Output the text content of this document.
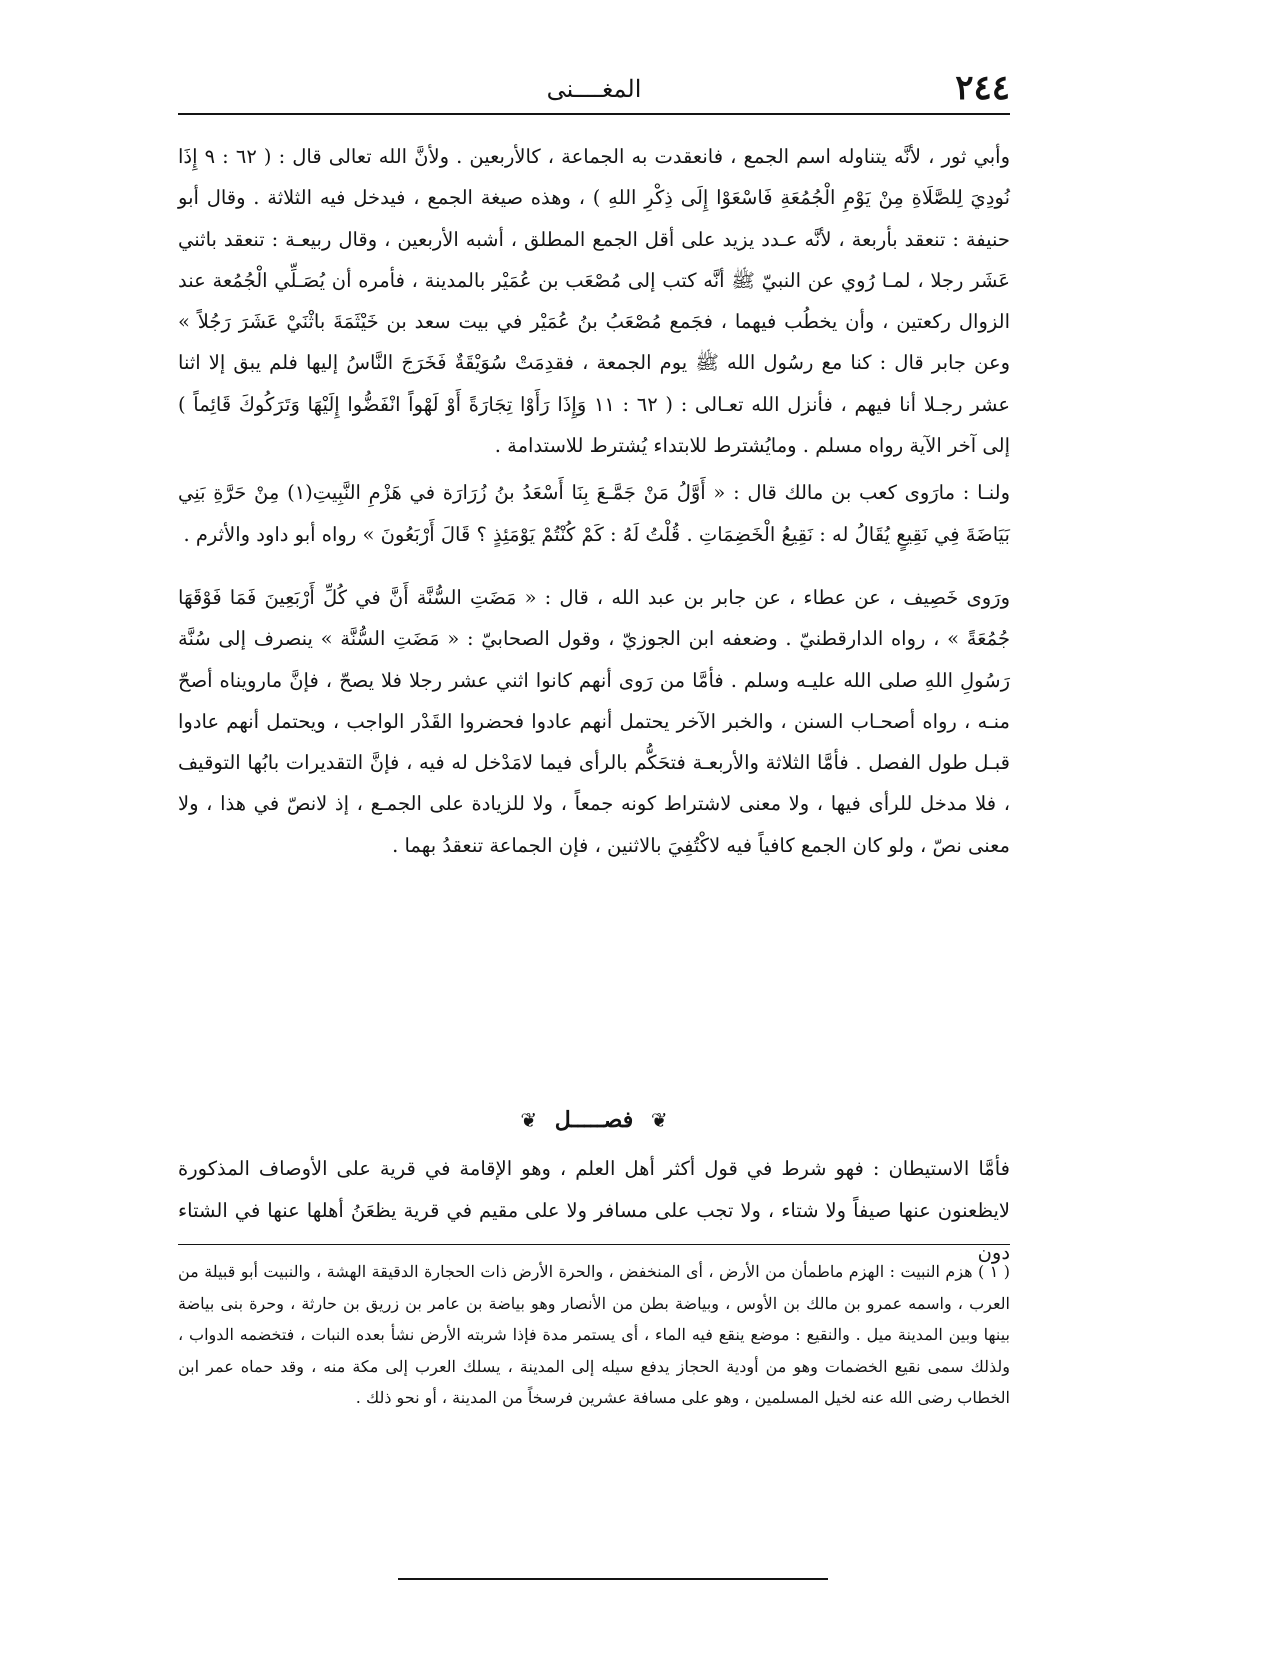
٢٤٤
المغــــنى

وأبي ثور ، لأنَّه يتناوله اسم الجمع ، فانعقدت به الجماعة ، كالأربعين . ولأنَّ الله تعالى قال : ( ٦٢ : ٩ إِذَا نُودِيَ لِلصَّلَاةِ مِنْ يَوْمِ الْجُمُعَةِ فَاسْعَوْا إِلَى ذِكْرِ اللهِ ) ، وهذه صيغة الجمع ، فيدخل فيه الثلاثة . وقال أبو حنيفة : تنعقد بأربعة ، لأنَّه عـدد يزيد على أقل الجمع المطلق ، أشبه الأربعين ، وقال ربيعـة : تنعقد باثني عَشَر رجلا ، لمـا رُوي عن النبيّ ﷺ أنَّه كتب إلى مُصْعَب بن عُمَيْر بالمدينة ، فأمره أن يُصَـلِّي الْجُمُعة عند الزوال ركعتين ، وأن يخطُب فيهما ، فجَمع مُصْعَبُ بنُ عُمَيْر في بيت سعد بن خَيْثَمَةَ باثْنَيْ عَشَرَ رَجُلاً » وعن جابر قال : كنا مع رسُول الله ﷺ يوم الجمعة ، فقدِمَتْ سُوَيْقَةٌ فَخَرَجَ النَّاسُ إليها فلم يبق إلا اثنا عشر رجـلا أنا فيهم ، فأنزل الله تعـالى : ( ٦٢ : ١١ وَإِذَا رَأَوْا تِجَارَةً أَوْ لَهْواً انْفَضُّوا إِلَيْهَا وَتَرَكُوكَ قَائِماً ) إلى آخر الآية رواه مسلم . ومايُشترط للابتداء يُشترط للاستدامة .

ولنـا : مارَوى كعب بن مالك قال : « أَوَّلُ مَنْ جَمَّـعَ بِنَا أَسْعَدُ بنُ زُرَارَة في هَزْمِ النَّبِيتِ(١) مِنْ حَرَّةِ بَنِي بَيَاضَةَ فِي نَقِيعٍ يُقَالُ له : نَقِيعُ الْخَضِمَاتِ . قُلْتُ لَهُ : كَمْ كُنْتُمْ يَوْمَئِذٍ ؟ قَالَ أَرْبَعُونَ » رواه أبو داود والأثرم .

ورَوى خَصِيف ، عن عطاء ، عن جابر بن عبد الله ، قال : « مَضَتِ السُّنَّة أَنَّ في كُلِّ أَرْبَعِينَ فَمَا فَوْقَهَا جُمُعَةً » ، رواه الدارقطنيّ . وضعفه ابن الجوزيّ ، وقول الصحابيّ : « مَضَتِ السُّنَّة » ينصرف إلى سُنَّة رَسُولِ اللهِ صلى الله عليـه وسلم . فأمَّا من رَوى أنهم كانوا اثني عشر رجلا فلا يصحّ ، فإنَّ مارويناه أصحّ منـه ، رواه أصحـاب السنن ، والخبر الآخر يحتمل أنهم عادوا فحضروا القَدْر الواجب ، ويحتمل أنهم عادوا قبـل طول الفصل . فأمَّا الثلاثة والأربعـة فتحَكُّم بالرأى فيما لامَدْخل له فيه ، فإنَّ التقديرات بابُها التوقيف ، فلا مدخل للرأى فيها ، ولا معنى لاشتراط كونه جمعاً ، ولا للزيادة على الجمـع ، إذ لانصّ في هذا ، ولا معنى نصّ ، ولو كان الجمع كافياً فيه لاكْتُفِيَ بالاثنين ، فإن الجماعة تنعقدُ بهما .

❦ فصـــــل ❦

فأمَّا الاستيطان : فهو شرط في قول أكثر أهل العلم ، وهو الإقامة في قرية على الأوصاف المذكورة لايظعنون عنها صيفاً ولا شتاء ، ولا تجب على مسافر ولا على مقيم في قرية يظعَنُ أهلها عنها في الشتاء دون

( ١ ) هزم النبيت : الهزم ماطمأن من الأرض ، أى المنخفض ، والحرة الأرض ذات الحجارة الدقيقة الهشة ، والنبيت أبو قبيلة من العرب ، واسمه عمرو بن مالك بن الأوس ، وبياضة بطن من الأنصار وهو بياضة بن عامر بن زريق بن حارثة ، وحرة بنى بياضة بينها وبين المدينة ميل . والنقيع : موضع ينقع فيه الماء ، أى يستمر مدة فإذا شربته الأرض نشأ بعده النبات ، فتخضمه الدواب ، ولذلك سمى نقيع الخضمات وهو من أودية الحجاز يدفع سيله إلى المدينة ، يسلك العرب إلى مكة منه ، وقد حماه عمر ابن الخطاب رضى الله عنه لخيل المسلمين ، وهو على مسافة عشرين فرسخاً من المدينة ، أو نحو ذلك .
